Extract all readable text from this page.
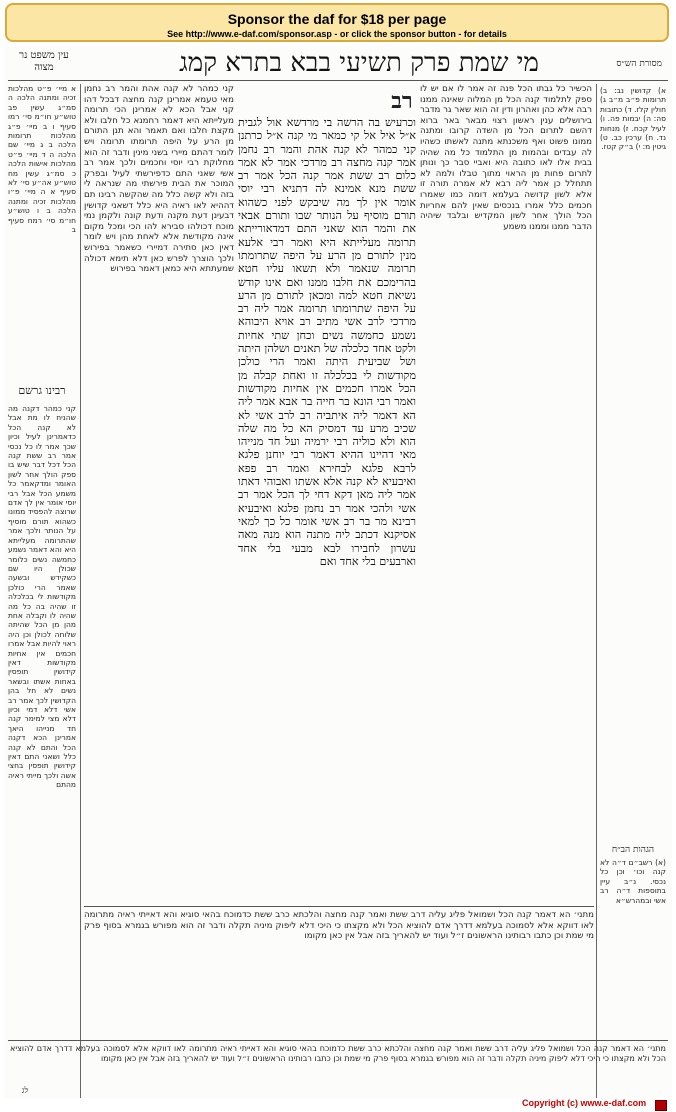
Sponsor the daf for $18 per page
See http://www.e-daf.com/sponsor.asp - or click the sponsor button - for details
עין משפט נר מצוה	מי שמת פרק תשיעי בבא בתרא קמג	מסורת הש״ס
א מיי׳ פ״ט מהלכות זכיה ומתנה הלכה ה סמ״ג עשין פב טוש״ע חו״מ סי׳ רמו סעיף ו ב מיי׳ פ״ג מהלכות תרומות הלכה ב ג מיי׳ שם הלכה ה ד מיי׳ פ״ט מהלכות אישות הלכה כ סמ״ג עשין מח טוש״ע אה״ע סי׳ לא סעיף א ה מיי׳ פ״ו מהלכות זכיה ומתנה הלכה ב ו טוש״ע חו״מ סי׳ רמח סעיף ב
רבינו גרשם
קני כמהר דקנה מה שהניח לו מת אבל לא קנה הכל כדאמרינן לעיל וכיון שכך אמר לו כל נכסי אמר רב ששת קנה הכל דכל דבר שיש בו ספק הולך אחר לשון האומר ומדקאמר כל משמע הכל אבל רבי יוסי אומר אין לך אדם שרוצה להפסיד ממונו כשהוא תורם מוסיף על הנותר ולכך אמר שהתרומה מעלייתא היא והא דאמר נשמע כחמשה נשים כלומר שכולן היו שם כשקידש ובשעה שאמר הרי כולכן מקודשות לי בכלכלה זו שהיה בה כל מה שהיה לו וקבלה אחת מהן מן הכל שהיתה שלוחה לכולן וכן היה ראוי להיות אבל אמרו חכמים אין אחיות מקודשות דאין קידושין תופסין באחות אשתו ובשאר נשים לא חל בהן הקדושין לכך אמר רב אשי דלא דמי וכיון דלא מצי למימר קנה חד מנייהו היאך אמרינן הכא דקנה הכל והתם לא קנה כלל ושאני התם דאין קידושין תופסין בחצי אשה ולכך מייתי ראיה מהתם
קני כמהר לא קנה אהת והמר רב נחמן מאי טעמא אמרינן קנה מחצה דבכל דהו קני אבל הכא לא אמרינן הכי תרומה מעלייתא היא דאמר רחמנא כל חלבו ולא מקצת חלבו ואם תאמר והא תנן התורם מן הרע על היפה תרומתו תרומה ויש לומר דהתם מיירי בשני מינין ודבר זה הוא מחלוקת רבי יוסי וחכמים ולכך אמר רב אשי שאני התם כדפירשתי לעיל ובפרק המוכר את הבית פירשתי מה שנראה לי בזה ולא קשה כלל מה שהקשה רבינו תם דההיא לאו ראיה היא כלל דשאני קדושין דבעינן דעת מקנה ודעת קונה ולקמן נמי מוכח דכולהו סבירא להו הכי ומכל מקום אינה מקודשת אלא לאחת מהן ויש לומר דאין כאן סתירה דמיירי כשאמר בפירוש ולכך הוצרך לפרש כאן דלא תימא דכולה שמעתתא היא כמאן דאמר בפירוש
וכרעיש בה הרשה בי מרדשא אול לגבית א״ל איל אל קי כמאר מי קנה א״ל כרתנן קני כמהר לא קנה אהת והמר רב נחמן אמר קנה מחצה רב מרדכי אמר לא אמר כלום רב ששת אמר קנה הכל אמר רב ששת מנא אמינא לה דתניא רבי יוסי אומר אין לך מה שיבקש לפני כשהוא תורם מוסיף על הנותר שבו ותורם אבאי את והמר הוא שאני התם דמדאורייתא תרומה מעלייתא היא ואמר רבי אלעא מנין לתורם מן הרע על היפה שתרומתו תרומה שנאמר ולא תשאו עליו חטא בהרימכם את חלבו ממנו ואם אינו קודש נשיאת חטא למה ומכאן לתורם מן הרע על היפה שתרומתו תרומה אמר ליה רב מרדכי לרב אשי מתיב רב אויא היבוהא נשמע כחמשה נשים וכחן שתי אחיות ולקט אחד כלכלה של תאנים ושלהן היתה ושל שביעית היתה ואמר הרי כולכן מקודשות לי בכלכלה זו ואחת קבלה מן הכל אמרו חכמים אין אחיות מקודשות ואמר רבי הונא בר חייה בר אבא אמר ליה הא דאמר ליה איתביה רב לרב אשי לא שכיב מרע עד דמסיק הא כל מה שלה הוא ולא כוליה רבי ירמיה ועל חד מנייהו מאי דהיינו ההיא דאמר רבי יוחנן פלגא לרבא פלגא לבחירא ואמר רב פפא ואיבעיא לא קנה אלא אשתו ואבוהי דאתו אמר ליה מאן דקא דחי לך הכל אמר רב אשי ולהכי אמר רב נחמן פלגא ואיבעיא רבינא מר בר רב אשי אומר כל כך למאי אסיקנא דכתב ליה מתנה הוא מנה מאה עשרון לחבירו לבא מבעי בלי אחד וארבעים בלי אחד ואם
רב הכשיר כל גבתו הכל פנה זה אמר לו אם יש לו ספק לתלמוד קנה הכל מן המלוה שאינה ממנו רבה אלא כהן ואהרון ודין זה הוא שאר גר מדבר בירושלים ענין ראשון רצוי מבאר באר ברוא דהשם לתרום הכל מן השדה קרובו ומתנה ממונו פשוט ואף משכנתא מתנה לאשתו כשהיו לה עבדים ובהמות מן התלמוד כל מה שהיה בבית אלו לאו כתובה היא ואביי סבר כך ונותן לתרום פחות מן הראוי מתוך טבלו ולמה לא תתחלל כן אמר ליה רבא לא אמרה תורה זו אלא לשון קדושה בעלמא דומה כמו שאמרו חכמים כלל אמרו בנכסים שאין להם אחריות הכל הולך אחר לשון המקדיש ובלבד שיהיה הדבר ממנו וממנו משמע
א) קדושין נב: ב) תרומות פ״ב מ״ב ג) חולין קלז. ד) כתובות סה: ה) יבמות פה. ו) לעיל קכח. ז) מנחות נד. ח) ערכין כב. ט) גיטין מ: י) ב״ק קטז.
הגהות הב״ח
(א) רשב״ם ד״ה לא קנה וכו׳ וכן כל נכסי. נ״ב עיין בתוספות ד״ה רב אשי ובמהרש״א
מתני׳ הא דאמר קנה הכל ושמואל פליג עליה דרב ששת ואמר קנה מחצה והלכתא כרב ששת כדמוכח בהאי סוגיא והא דאייתי ראיה מתרומה לאו דווקא אלא לסמוכה בעלמא דדרך אדם להוציא הכל ולא מקצתו כי היכי דלא ליפוק מיניה תקלה ודבר זה הוא מפורש בגמרא בסוף פרק מי שמת וכן כתבו רבותינו הראשונים ז״ל ועוד יש להאריך בזה אבל אין כאן מקומו
מתני׳ הא דאמר קנה הכל ושמואל פליג עליה דרב ששת ואמר קנה מחצה והלכתא כרב ששת כדמוכח בהאי סוגיא והא דאייתי ראיה מתרומה לאו דווקא אלא לסמוכה בעלמא דדרך אדם להוציא הכל ולא מקצתו כי היכי דלא ליפוק מיניה תקלה ודבר זה הוא מפורש בגמרא בסוף פרק מי שמת וכן כתבו רבותינו הראשונים ז״ל ועוד יש להאריך בזה אבל אין כאן מקומו
לג
Copyright (c) www.e-daf.com
